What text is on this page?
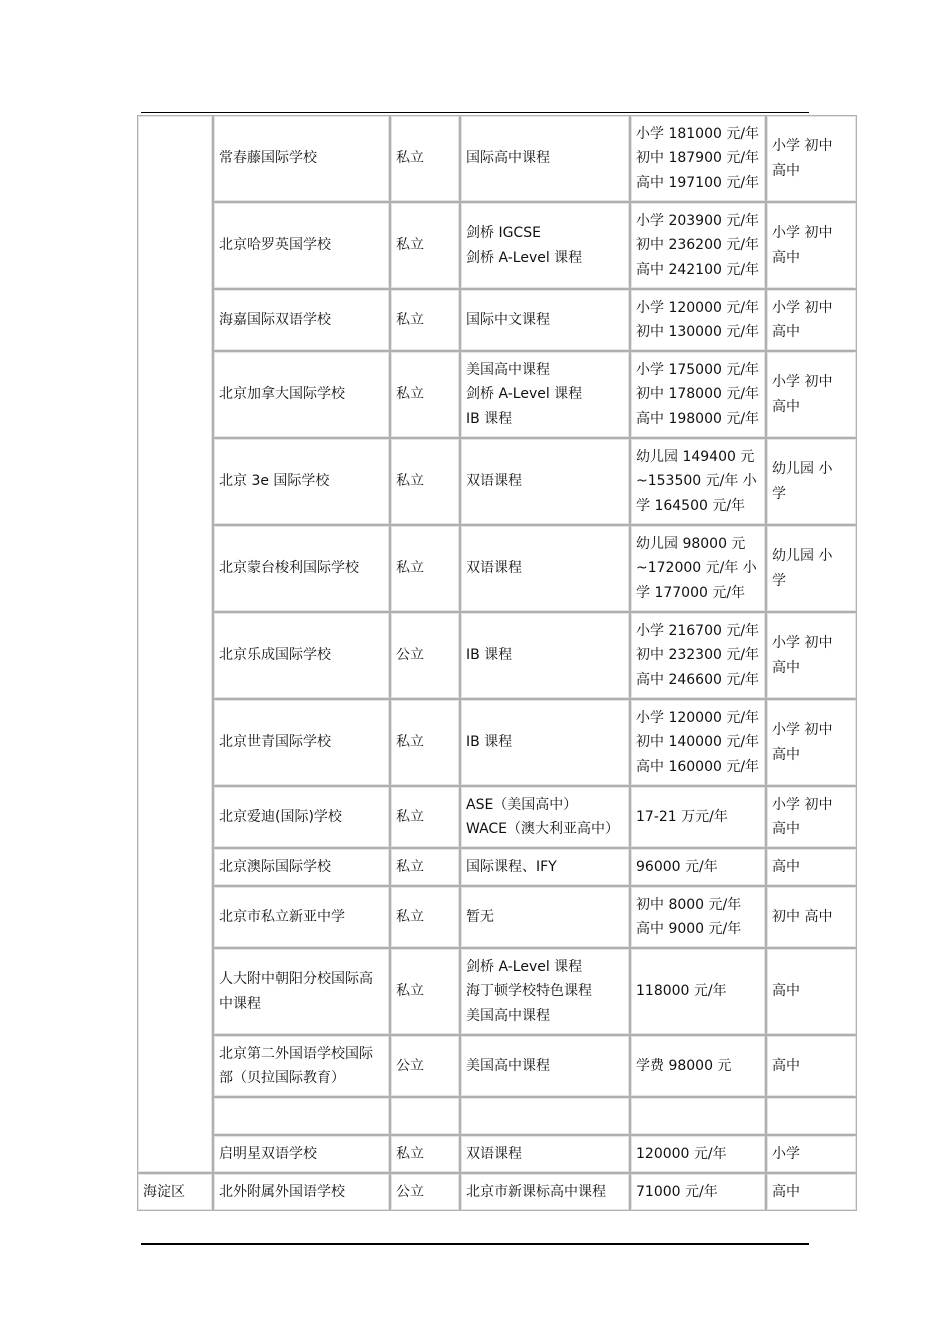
	常春藤国际学校	私立	国际高中课程	小学 181000 元/年
初中 187900 元/年
高中 197100 元/年	小学 初中
高中

	北京哈罗英国学校	私立	剑桥 IGCSE
剑桥 A-Level 课程	小学 203900 元/年
初中 236200 元/年
高中 242100 元/年	小学 初中
高中

	海嘉国际双语学校	私立	国际中文课程	小学 120000 元/年
初中 130000 元/年	小学 初中
高中

	北京加拿大国际学校	私立	美国高中课程
剑桥 A-Level 课程
IB 课程	小学 175000 元/年
初中 178000 元/年
高中 198000 元/年	小学 初中
高中

	北京 3e 国际学校	私立	双语课程	幼儿园 149400 元
~153500 元/年 小
学 164500 元/年	幼儿园 小
学

	北京蒙台梭利国际学校	私立	双语课程	幼儿园 98000 元
~172000 元/年 小
学 177000 元/年	幼儿园 小
学

	北京乐成国际学校	公立	IB 课程	小学 216700 元/年
初中 232300 元/年
高中 246600 元/年	小学 初中
高中

	北京世青国际学校	私立	IB 课程	小学 120000 元/年
初中 140000 元/年
高中 160000 元/年	小学 初中
高中

	北京爱迪(国际)学校	私立	ASE（美国高中）
WACE（澳大利亚高中）	17-21 万元/年	小学 初中
高中

	北京澳际国际学校	私立	国际课程、IFY	96000 元/年	高中

	北京市私立新亚中学	私立	暂无	初中 8000 元/年
高中 9000 元/年	初中 高中

	人大附中朝阳分校国际高
中课程	私立	剑桥 A-Level 课程
海丁顿学校特色课程
美国高中课程	118000 元/年	高中

	北京第二外国语学校国际
部（贝拉国际教育）	公立	美国高中课程	学费 98000 元	高中

	启明星双语学校	私立	双语课程	120000 元/年	小学

海淀区	北外附属外国语学校	公立	北京市新课标高中课程	71000 元/年	高中
